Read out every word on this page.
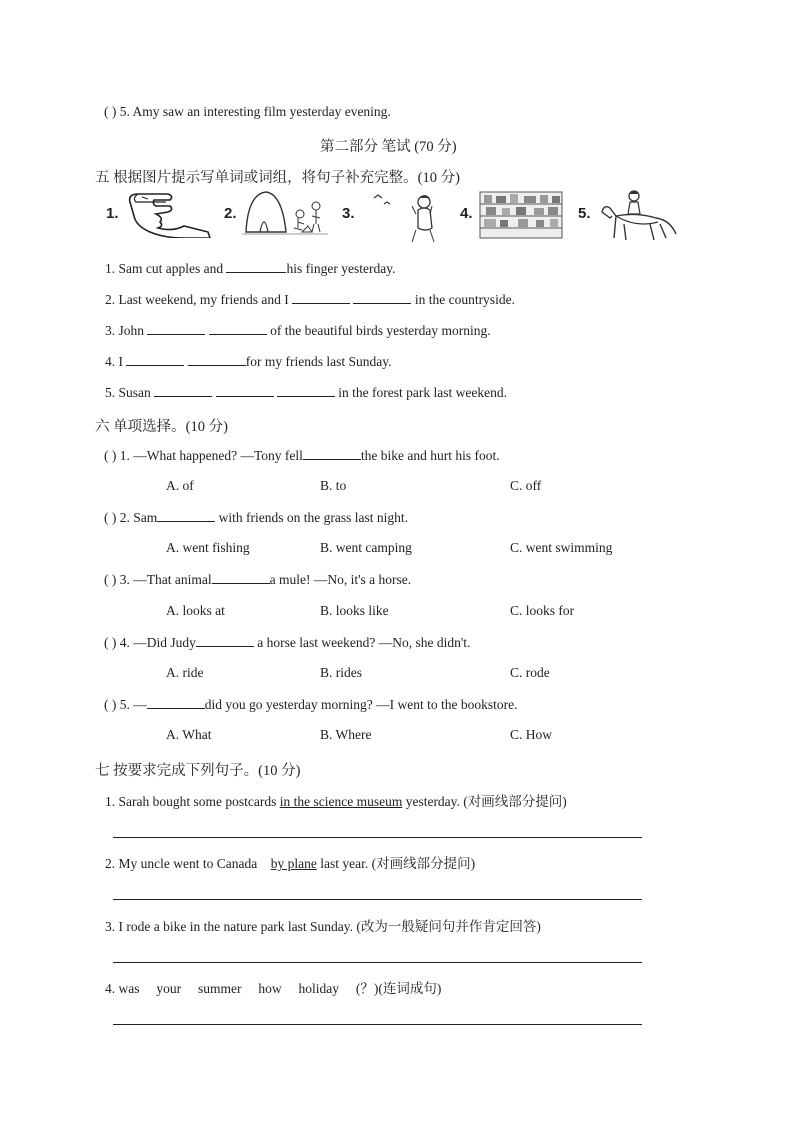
( ) 5. Amy saw an interesting film yesterday evening.
第二部分 笔试 (70 分)
五 根据图片提示写单词或词组，将句子补充完整。(10 分)
1.	2.	3.	4.	5.
1. Sam cut apples and	his finger yesterday.
2. Last weekend, my friends and I	in the countryside.
3. John	of the beautiful birds yesterday morning.
4. I	for my friends last Sunday.
5. Susan	in the forest park last weekend.
六 单项选择。(10 分)
( ) 1. —What happened? —Tony fell	the bike and hurt his foot.
A. of	B. to	C. off
( ) 2. Sam	with friends on the grass last night.
A. went fishing	B. went camping	C. went swimming
( ) 3. —That animal	a mule! —No, it's a horse.
A. looks at	B. looks like	C. looks for
( ) 4. —Did Judy	a horse last weekend? —No, she didn't.
A. ride	B. rides	C. rode
( ) 5. —	did you go yesterday morning? —I went to the bookstore.
A. What	B. Where	C. How
七 按要求完成下列句子。(10 分)
1. Sarah bought some postcards in the science museum yesterday. (对画线部分提问)
2. My uncle went to Canada    by plane last year. (对画线部分提问)
3. I rode a bike in the nature park last Sunday. (改为一般疑问句并作肯定回答)
4. was     your     summer     how     holiday     (？)(连词成句)
